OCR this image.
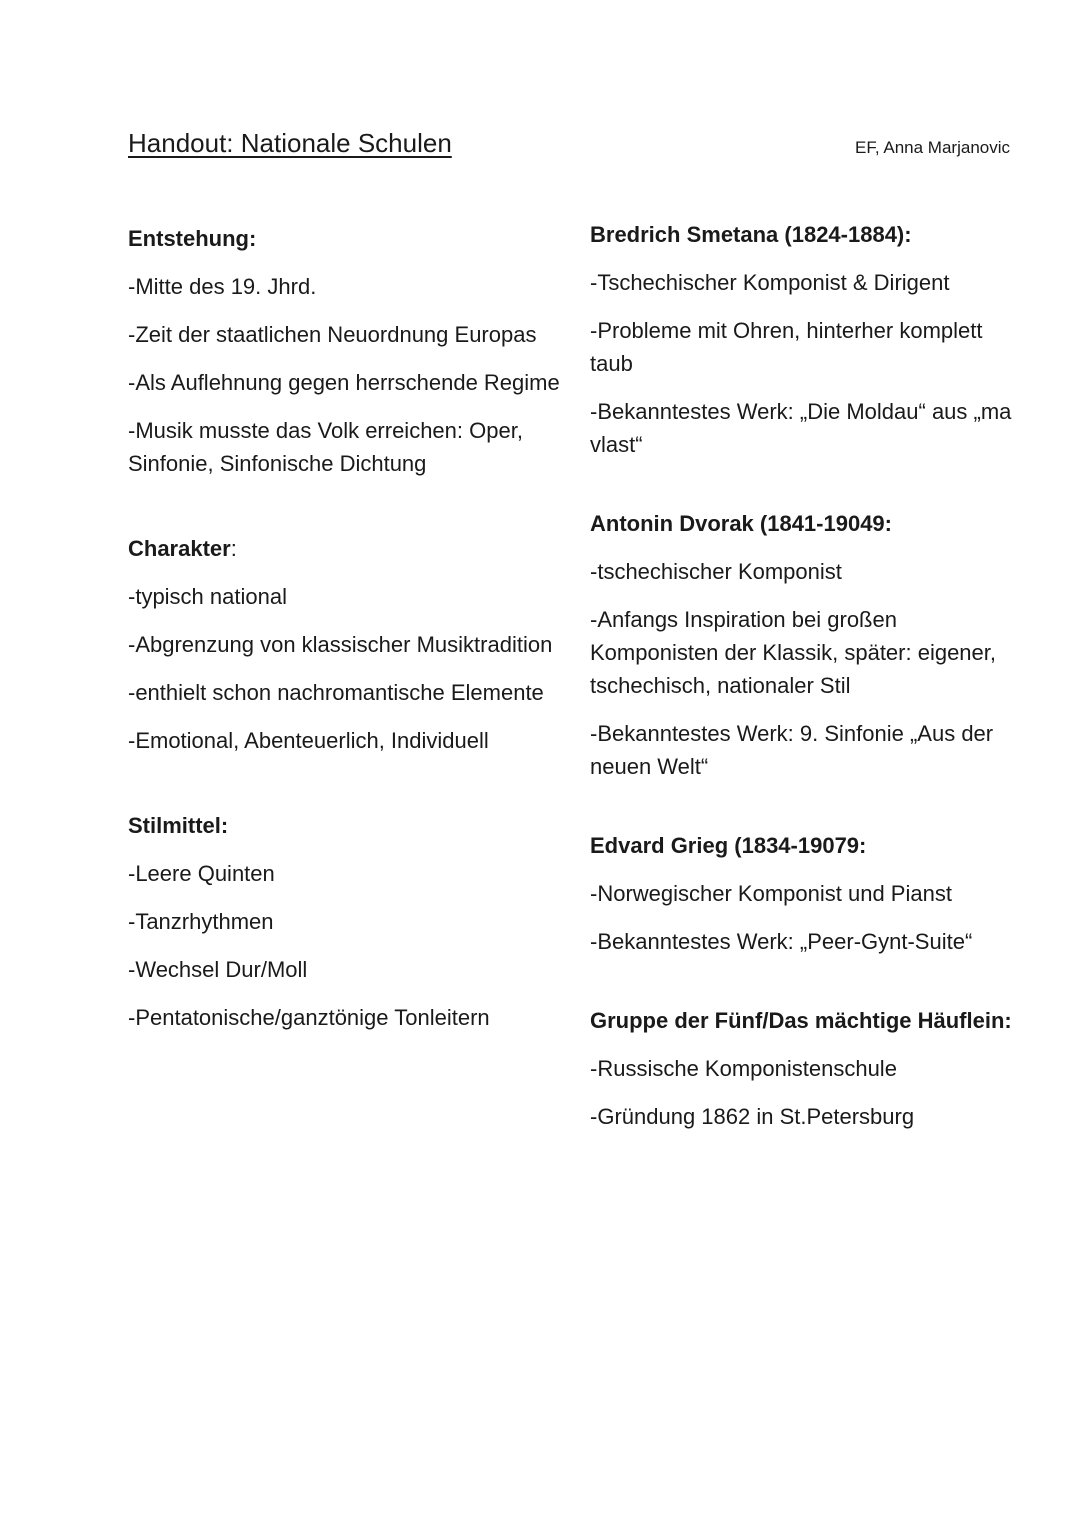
Handout: Nationale Schulen	EF, Anna Marjanovic
Entstehung:
-Mitte des 19. Jhrd.
-Zeit der staatlichen Neuordnung Europas
-Als Auflehnung gegen herrschende Regime
-Musik musste das Volk erreichen: Oper, Sinfonie, Sinfonische Dichtung
Charakter:
-typisch national
-Abgrenzung von klassischer Musiktradition
-enthielt schon nachromantische Elemente
-Emotional, Abenteuerlich, Individuell
Stilmittel:
-Leere Quinten
-Tanzrhythmen
-Wechsel Dur/Moll
-Pentatonische/ganztönige Tonleitern
Bredrich Smetana (1824-1884):
-Tschechischer Komponist & Dirigent
-Probleme mit Ohren, hinterher komplett taub
-Bekanntestes Werk: „Die Moldau“ aus „ma vlast“
Antonin Dvorak (1841-19049:
-tschechischer Komponist
-Anfangs Inspiration bei großen Komponisten der Klassik, später: eigener, tschechisch, nationaler Stil
-Bekanntestes Werk: 9. Sinfonie „Aus der neuen Welt“
Edvard Grieg (1834-19079:
-Norwegischer Komponist und Pianst
-Bekanntestes Werk: „Peer-Gynt-Suite“
Gruppe der Fünf/Das mächtige Häuflein:
-Russische Komponistenschule
-Gründung 1862 in St.Petersburg
